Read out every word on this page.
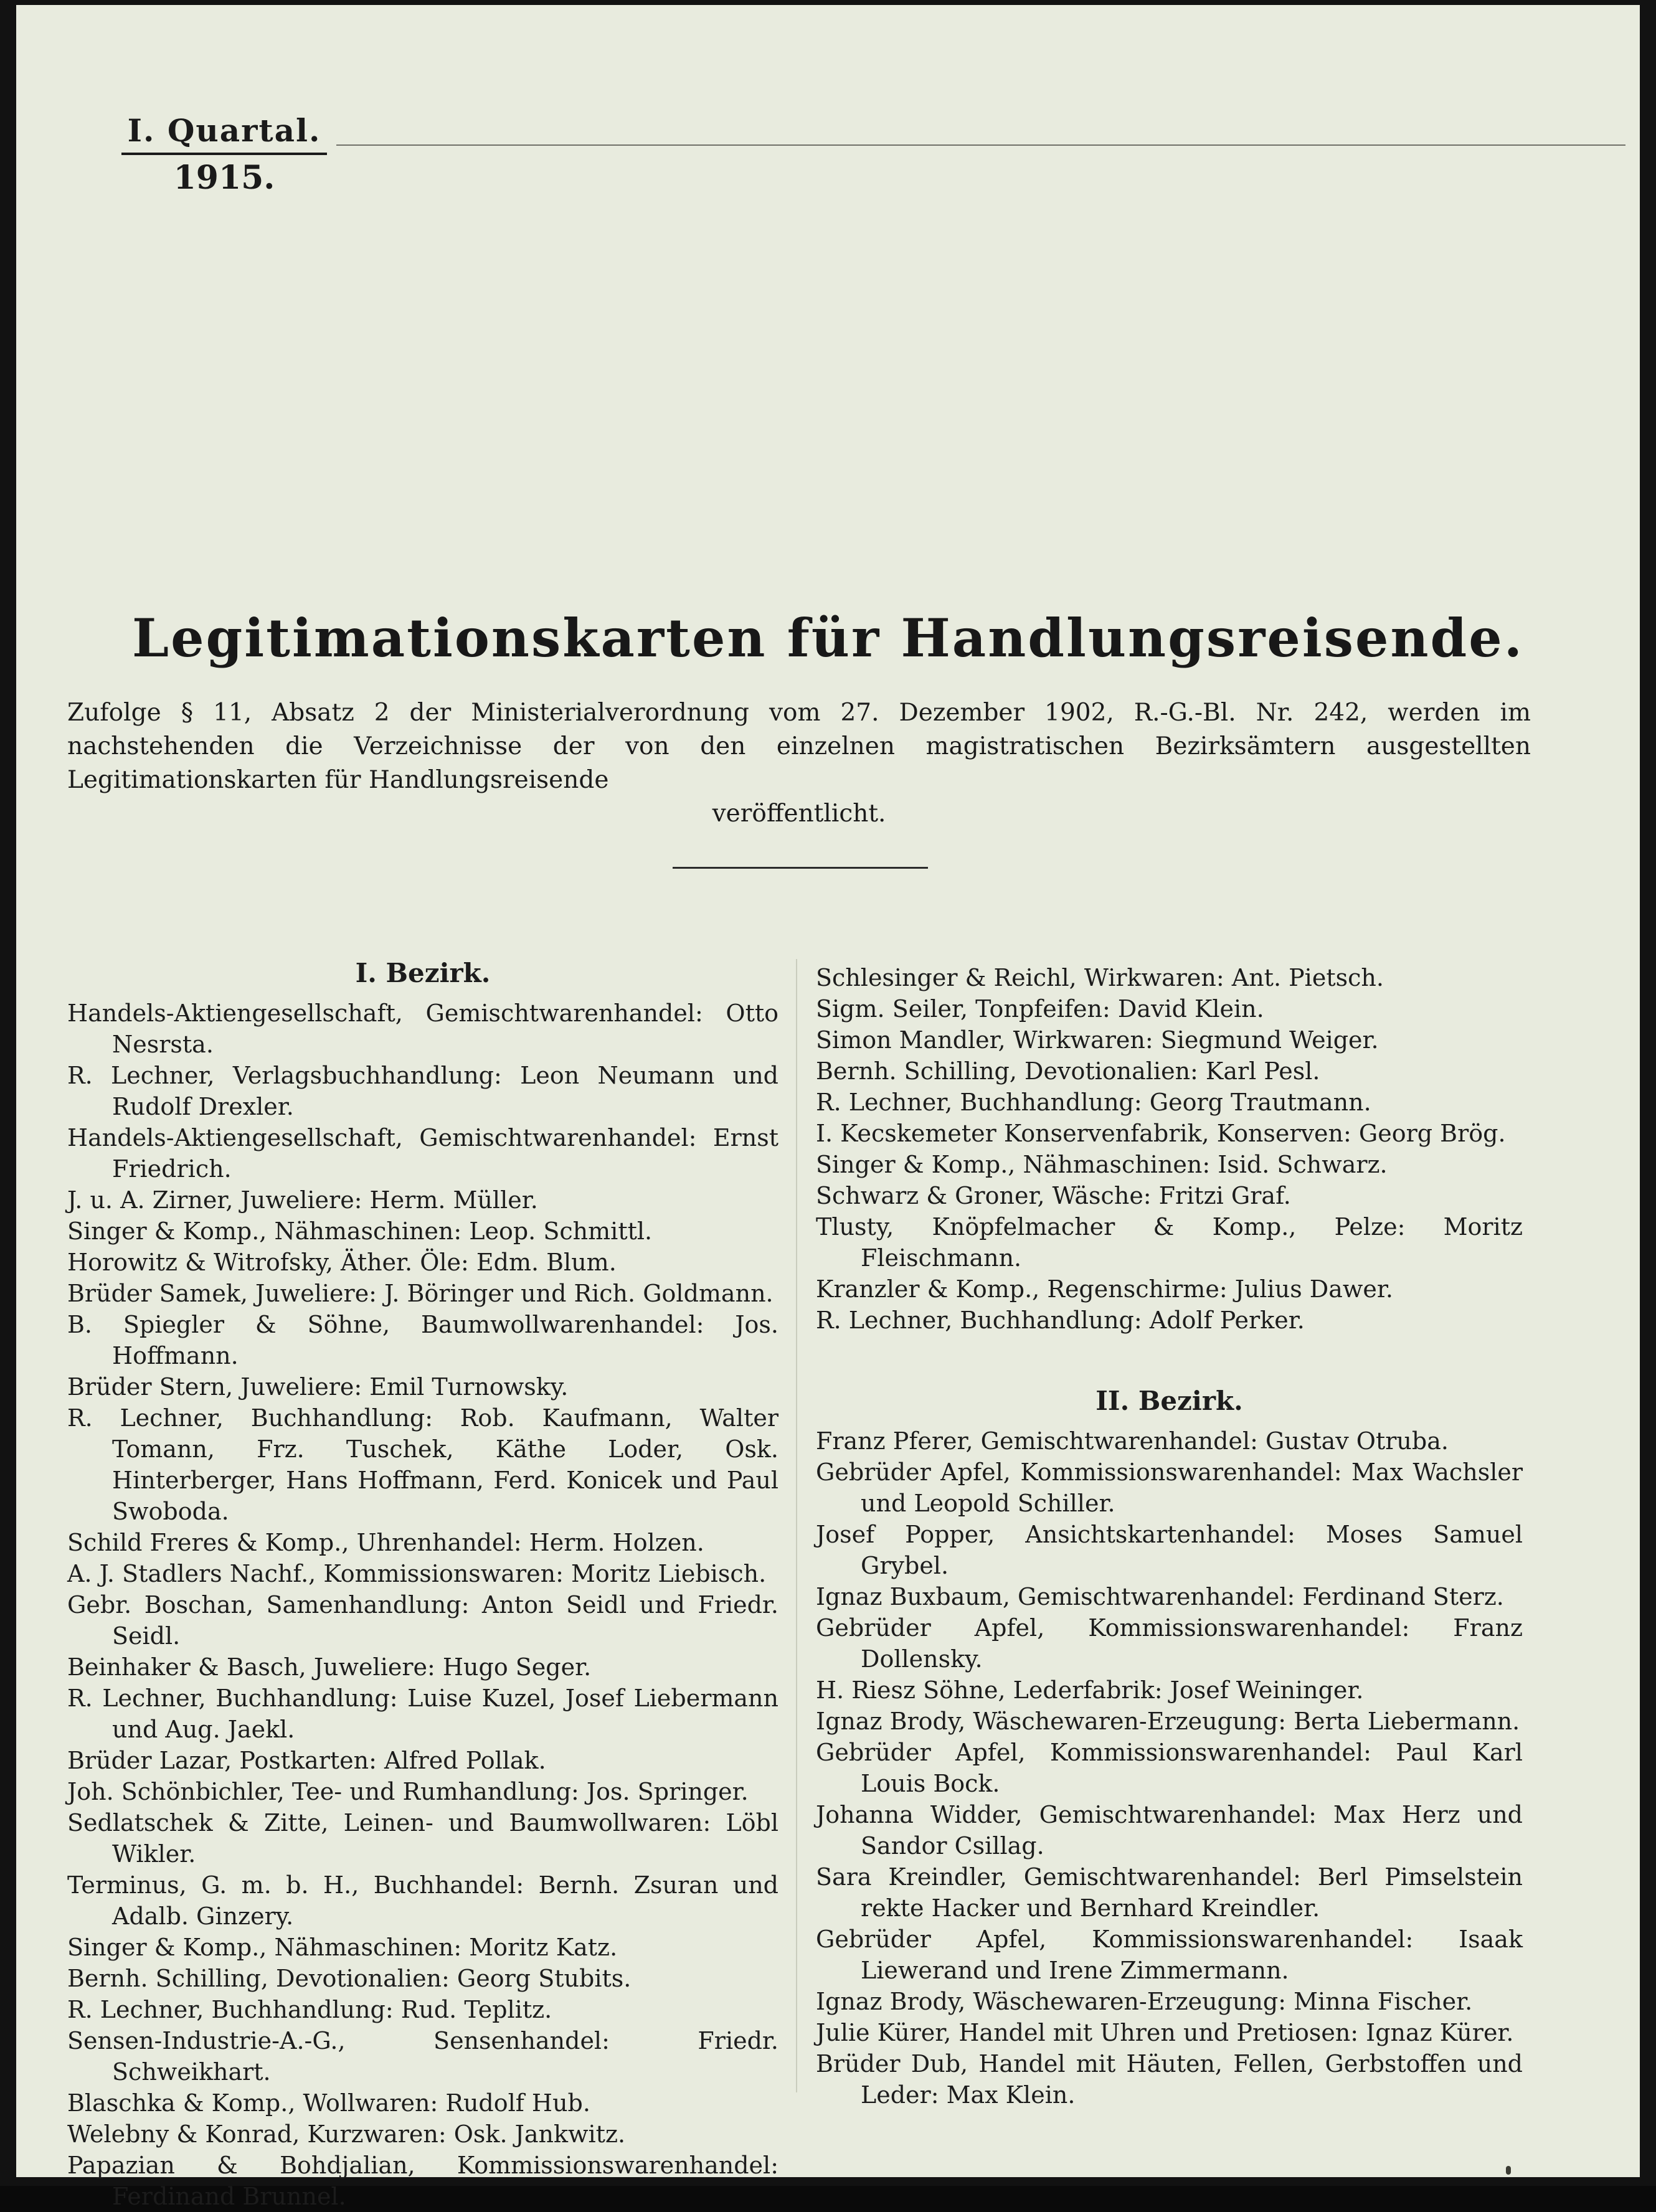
I. Quartal.
1915.
Legitimationskarten für Handlungsreisende.
Zufolge § 11, Absatz 2 der Ministerialverordnung vom 27. Dezember 1902, R.-G.-Bl. Nr. 242, werden im nachstehenden die Verzeichnisse der von den einzelnen magistratischen Bezirksämtern ausgestellten Legitimationskarten für Handlungsreisende
veröffentlicht.
I. Bezirk.

Handels-Aktiengesellschaft, Gemischtwarenhandel: Otto Nesrsta.

R. Lechner, Verlagsbuchhandlung: Leon Neumann und Rudolf Drexler.

Handels-Aktiengesellschaft, Gemischtwarenhandel: Ernst Friedrich.

J. u. A. Zirner, Juweliere: Herm. Müller.

Singer & Komp., Nähmaschinen: Leop. Schmittl.

Horowitz & Witrofsky, Äther. Öle: Edm. Blum.

Brüder Samek, Juweliere: J. Böringer und Rich. Goldmann.

B. Spiegler & Söhne, Baumwollwarenhandel: Jos. Hoffmann.

Brüder Stern, Juweliere: Emil Turnowsky.

R. Lechner, Buchhandlung: Rob. Kaufmann, Walter Tomann, Frz. Tuschek, Käthe Loder, Osk. Hinterberger, Hans Hoffmann, Ferd. Konicek und Paul Swoboda.

Schild Freres & Komp., Uhrenhandel: Herm. Holzen.

A. J. Stadlers Nachf., Kommissionswaren: Moritz Liebisch.

Gebr. Boschan, Samenhandlung: Anton Seidl und Friedr. Seidl.

Beinhaker & Basch, Juweliere: Hugo Seger.

R. Lechner, Buchhandlung: Luise Kuzel, Josef Liebermann und Aug. Jaekl.

Brüder Lazar, Postkarten: Alfred Pollak.

Joh. Schönbichler, Tee- und Rumhandlung: Jos. Springer.

Sedlatschek & Zitte, Leinen- und Baumwollwaren: Löbl Wikler.

Terminus, G. m. b. H., Buchhandel: Bernh. Zsuran und Adalb. Ginzery.

Singer & Komp., Nähmaschinen: Moritz Katz.

Bernh. Schilling, Devotionalien: Georg Stubits.

R. Lechner, Buchhandlung: Rud. Teplitz.

Sensen-Industrie-A.-G., Sensenhandel: Friedr. Schweikhart.

Blaschka & Komp., Wollwaren: Rudolf Hub.

Welebny & Konrad, Kurzwaren: Osk. Jankwitz.

Papazian & Bohdjalian, Kommissionswarenhandel: Ferdinand Brunnel.

Schlesinger & Reichl, Wirkwaren: Ant. Pietsch.

Sigm. Seiler, Tonpfeifen: David Klein.

Simon Mandler, Wirkwaren: Siegmund Weiger.

Bernh. Schilling, Devotionalien: Karl Pesl.

R. Lechner, Buchhandlung: Georg Trautmann.

I. Kecskemeter Konservenfabrik, Konserven: Georg Brög.

Singer & Komp., Nähmaschinen: Isid. Schwarz.

Schwarz & Groner, Wäsche: Fritzi Graf.

Tlusty, Knöpfelmacher & Komp., Pelze: Moritz Fleischmann.

Kranzler & Komp., Regenschirme: Julius Dawer.

R. Lechner, Buchhandlung: Adolf Perker.

II. Bezirk.

Franz Pferer, Gemischtwarenhandel: Gustav Otruba.

Gebrüder Apfel, Kommissionswarenhandel: Max Wachsler und Leopold Schiller.

Josef Popper, Ansichtskartenhandel: Moses Samuel Grybel.

Ignaz Buxbaum, Gemischtwarenhandel: Ferdinand Sterz.

Gebrüder Apfel, Kommissionswarenhandel: Franz Dollensky.

H. Riesz Söhne, Lederfabrik: Josef Weininger.

Ignaz Brody, Wäschewaren-Erzeugung: Berta Liebermann.

Gebrüder Apfel, Kommissionswarenhandel: Paul Karl Louis Bock.

Johanna Widder, Gemischtwarenhandel: Max Herz und Sandor Csillag.

Sara Kreindler, Gemischtwarenhandel: Berl Pimselstein rekte Hacker und Bernhard Kreindler.

Gebrüder Apfel, Kommissionswarenhandel: Isaak Liewerand und Irene Zimmermann.

Ignaz Brody, Wäschewaren-Erzeugung: Minna Fischer.

Julie Kürer, Handel mit Uhren und Pretiosen: Ignaz Kürer.

Brüder Dub, Handel mit Häuten, Fellen, Gerbstoffen und Leder: Max Klein.
